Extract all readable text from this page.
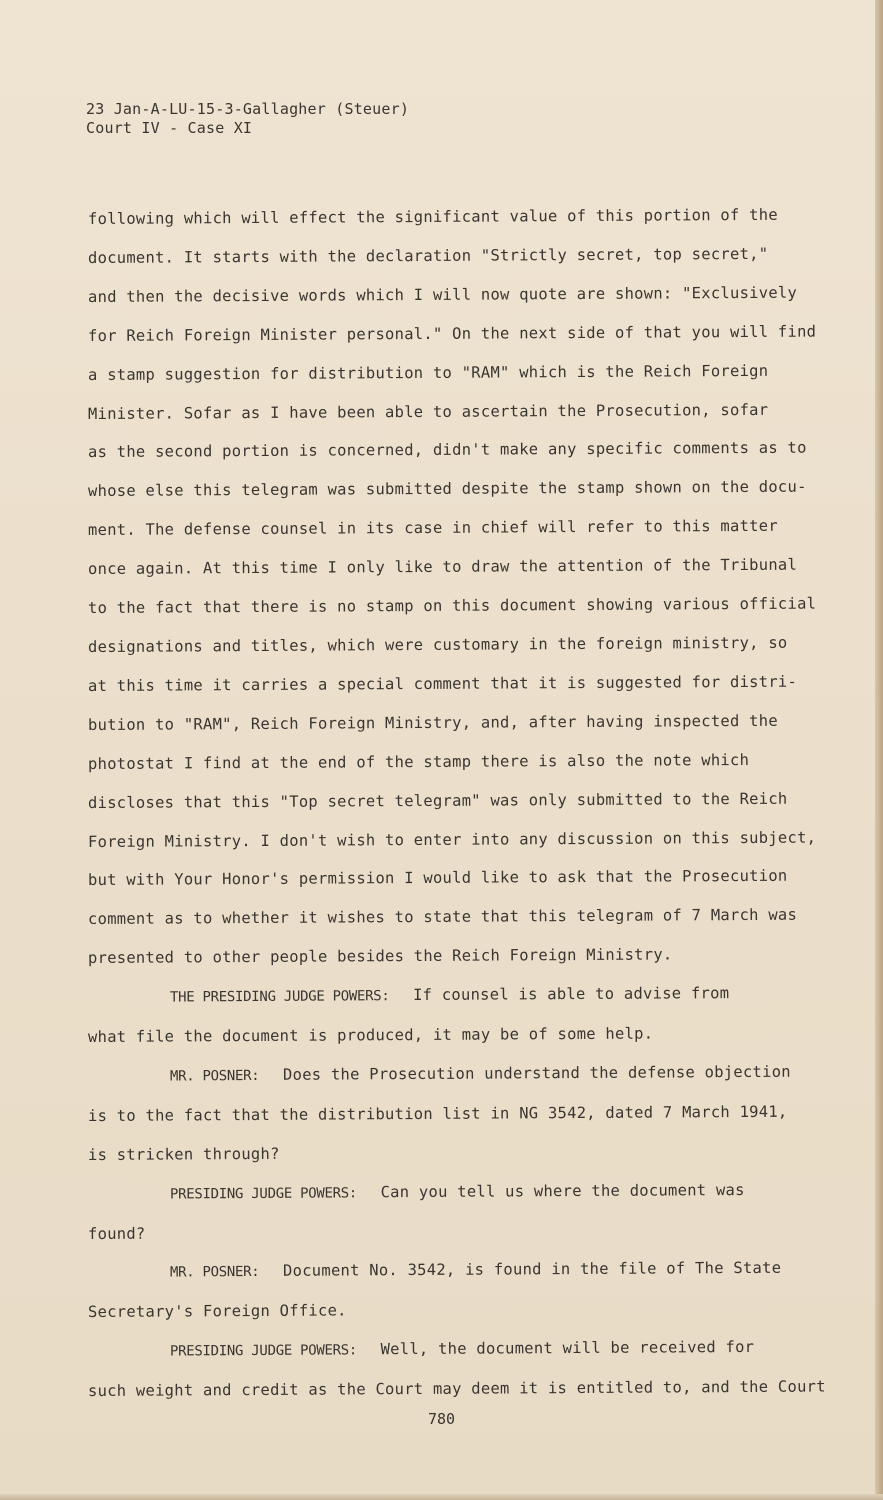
23 Jan-A-LU-15-3-Gallagher (Steuer)
Court IV - Case XI
following which will effect the significant value of this portion of the
document. It starts with the declaration "Strictly secret, top secret,"
and then the decisive words which I will now quote are shown: "Exclusively
for Reich Foreign Minister personal." On the next side of that you will find
a stamp suggestion for distribution to "RAM" which is the Reich Foreign
Minister. Sofar as I have been able to ascertain the Prosecution, sofar
as the second portion is concerned, didn't make any specific comments as to
whose else this telegram was submitted despite the stamp shown on the docu-
ment. The defense counsel in its case in chief will refer to this matter
once again. At this time I only like to draw the attention of the Tribunal
to the fact that there is no stamp on this document showing various official
designations and titles, which were customary in the foreign ministry, so
at this time it carries a special comment that it is suggested for distri-
bution to "RAM", Reich Foreign Ministry, and, after having inspected the
photostat I find at the end of the stamp there is also the note which
discloses that this "Top secret telegram" was only submitted to the Reich
Foreign Ministry. I don't wish to enter into any discussion on this subject,
but with Your Honor's permission I would like to ask that the Prosecution
comment as to whether it wishes to state that this telegram of 7 March was
presented to other people besides the Reich Foreign Ministry.
THE PRESIDING JUDGE POWERS: If counsel is able to advise from
what file the document is produced, it may be of some help.
MR. POSNER: Does the Prosecution understand the defense objection
is to the fact that the distribution list in NG 3542, dated 7 March 1941,
is stricken through?
PRESIDING JUDGE POWERS: Can you tell us where the document was
found?
MR. POSNER: Document No. 3542, is found in the file of The State
Secretary's Foreign Office.
PRESIDING JUDGE POWERS: Well, the document will be received for
such weight and credit as the Court may deem it is entitled to, and the Court
780
